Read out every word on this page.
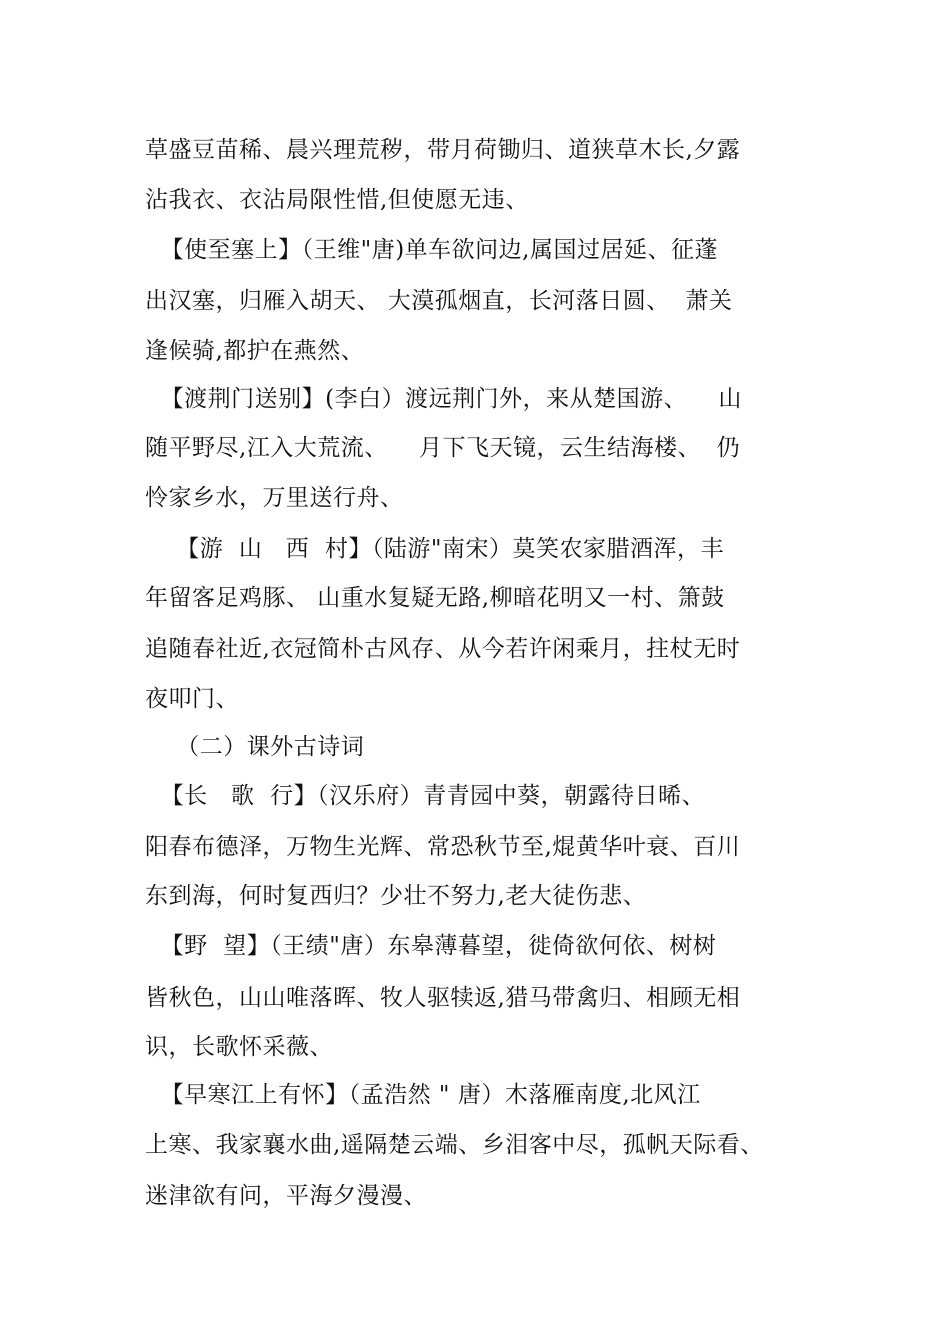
草盛豆苗稀、晨兴理荒秽，带月荷锄归、道狭草木长,夕露
沾我衣、衣沾局限性惜,但使愿无违、
【使至塞上】（王维"唐)单车欲问边,属国过居延、征蓬
出汉塞，归雁入胡天、 大漠孤烟直，长河落日圆、  萧关
逢候骑,都护在燕然、
【渡荆门送别】(李白）渡远荆门外，来从楚国游、    山
随平野尽,江入大荒流、    月下飞天镜，云生结海楼、  仍
怜家乡水，万里送行舟、
【游  山   西  村】（陆游"南宋）莫笑农家腊酒浑，丰
年留客足鸡豚、 山重水复疑无路,柳暗花明又一村、箫鼓
追随春社近,衣冠简朴古风存、从今若许闲乘月，拄杖无时
夜叩门、
（二）课外古诗词
【长   歌  行】（汉乐府）青青园中葵，朝露待日晞、
阳春布德泽，万物生光辉、常恐秋节至,焜黄华叶衰、百川
东到海，何时复西归？少壮不努力,老大徒伤悲、
【野  望】（王绩"唐）东皋薄暮望，徙倚欲何依、树树
皆秋色，山山唯落晖、牧人驱犊返,猎马带禽归、相顾无相
识，长歌怀采薇、
【早寒江上有怀】（孟浩然 " 唐）木落雁南度,北风江
上寒、我家襄水曲,遥隔楚云端、乡泪客中尽，孤帆天际看、
迷津欲有问，平海夕漫漫、
